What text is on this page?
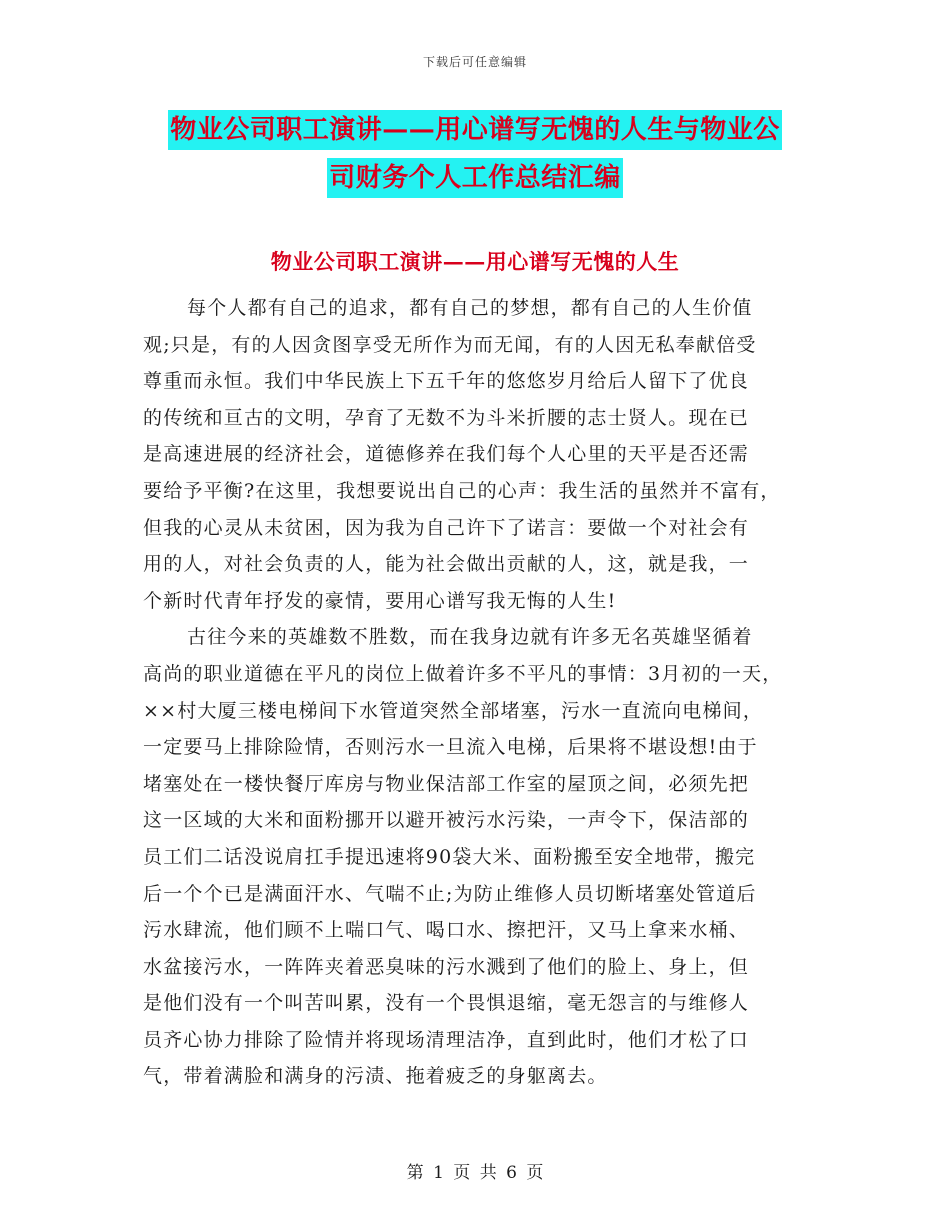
下载后可任意编辑
物业公司职工演讲——用心谱写无愧的人生与物业公
司财务个人工作总结汇编
物业公司职工演讲——用心谱写无愧的人生
每个人都有自己的追求，都有自己的梦想，都有自己的人生价值
观;只是，有的人因贪图享受无所作为而无闻，有的人因无私奉献倍受
尊重而永恒。我们中华民族上下五千年的悠悠岁月给后人留下了优良
的传统和亘古的文明，孕育了无数不为斗米折腰的志士贤人。现在已
是高速进展的经济社会，道德修养在我们每个人心里的天平是否还需
要给予平衡?在这里，我想要说出自己的心声：我生活的虽然并不富有，
但我的心灵从未贫困，因为我为自己许下了诺言：要做一个对社会有
用的人，对社会负责的人，能为社会做出贡献的人，这，就是我，一
个新时代青年抒发的豪情，要用心谱写我无悔的人生!
古往今来的英雄数不胜数，而在我身边就有许多无名英雄坚循着
高尚的职业道德在平凡的岗位上做着许多不平凡的事情：3月初的一天，
××村大厦三楼电梯间下水管道突然全部堵塞，污水一直流向电梯间，
一定要马上排除险情，否则污水一旦流入电梯，后果将不堪设想!由于
堵塞处在一楼快餐厅库房与物业保洁部工作室的屋顶之间，必须先把
这一区域的大米和面粉挪开以避开被污水污染，一声令下，保洁部的
员工们二话没说肩扛手提迅速将90袋大米、面粉搬至安全地带，搬完
后一个个已是满面汗水、气喘不止;为防止维修人员切断堵塞处管道后
污水肆流，他们顾不上喘口气、喝口水、擦把汗，又马上拿来水桶、
水盆接污水，一阵阵夹着恶臭味的污水溅到了他们的脸上、身上，但
是他们没有一个叫苦叫累，没有一个畏惧退缩，毫无怨言的与维修人
员齐心协力排除了险情并将现场清理洁净，直到此时，他们才松了口
气，带着满脸和满身的污渍、拖着疲乏的身躯离去。
第 1 页 共 6 页
